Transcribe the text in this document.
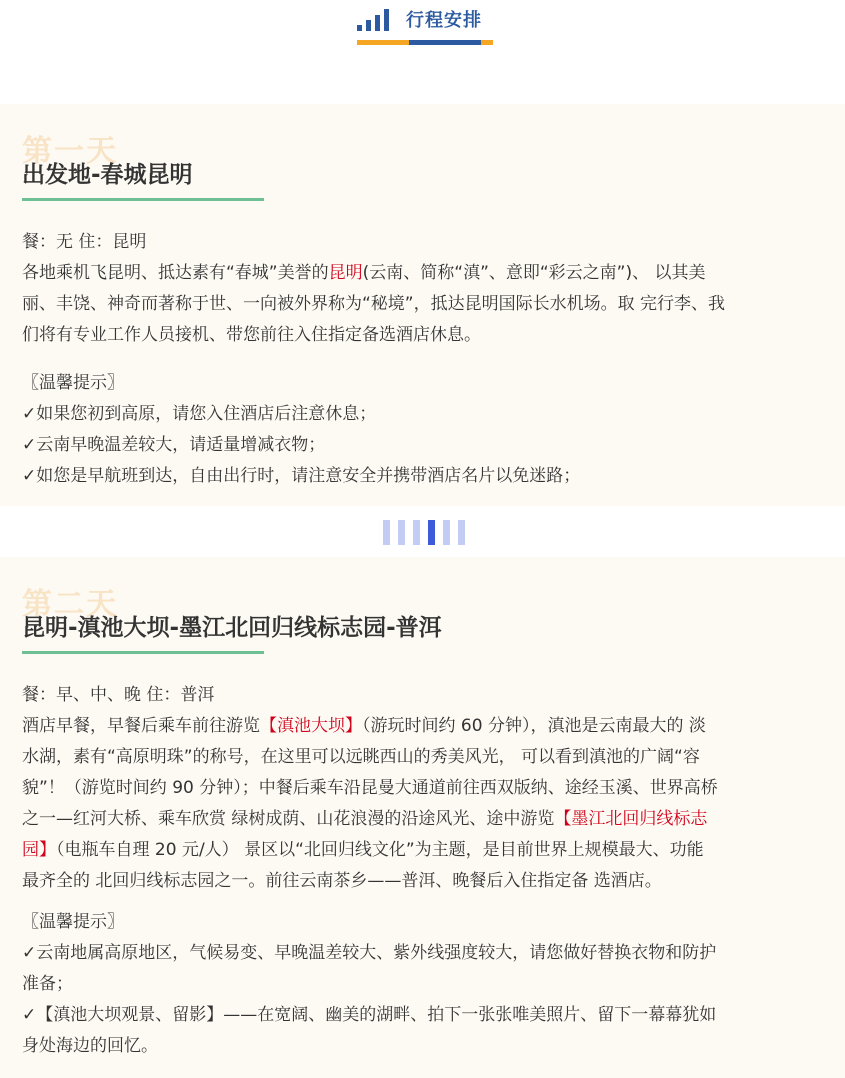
行程安排
第一天
出发地-春城昆明
餐：无 住：昆明
各地乘机飞昆明、抵达素有“春城”美誉的昆明(云南、简称“滇”、意即“彩云之南”)、 以其美
丽、丰饶、神奇而著称于世、一向被外界称为“秘境”，抵达昆明国际长水机场。取 完行李、我
们将有专业工作人员接机、带您前往入住指定备选酒店休息。
〖温馨提示〗
✓如果您初到高原，请您入住酒店后注意休息；
✓云南早晚温差较大，请适量增减衣物；
✓如您是早航班到达，自由出行时，请注意安全并携带酒店名片以免迷路；
第二天
昆明-滇池大坝-墨江北回归线标志园-普洱
餐：早、中、晚 住：普洱
酒店早餐，早餐后乘车前往游览【滇池大坝】（游玩时间约 60 分钟），滇池是云南最大的 淡
水湖，素有“高原明珠”的称号，在这里可以远眺西山的秀美风光， 可以看到滇池的广阔“容
貌”！（游览时间约 90 分钟）；中餐后乘车沿昆曼大通道前往西双版纳、途经玉溪、世界高桥
之一—红河大桥、乘车欣赏 绿树成荫、山花浪漫的沿途风光、途中游览【墨江北回归线标志
园】（电瓶车自理 20 元/人） 景区以“北回归线文化”为主题，是目前世界上规模最大、功能
最齐全的 北回归线标志园之一。前往云南茶乡——普洱、晚餐后入住指定备 选酒店。
〖温馨提示〗
✓云南地属高原地区，气候易变、早晚温差较大、紫外线强度较大，请您做好替换衣物和防护
准备；
✓【滇池大坝观景、留影】——在宽阔、幽美的湖畔、拍下一张张唯美照片、留下一幕幕犹如
身处海边的回忆。
